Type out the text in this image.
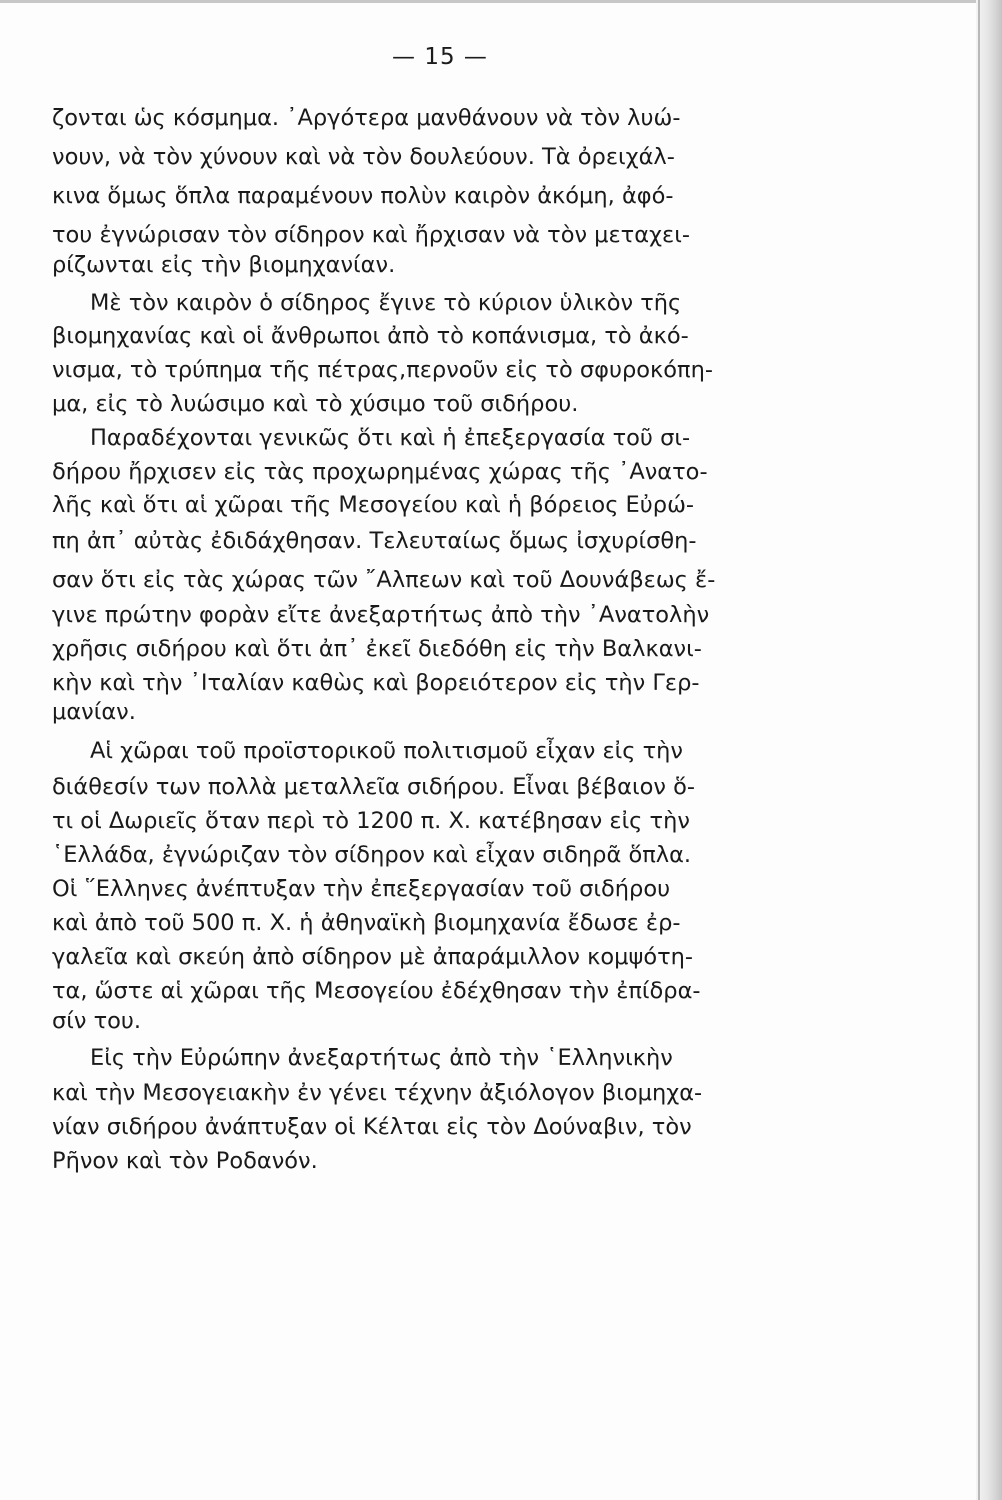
— 15 —
ζονται ὡς κόσμημα. ᾿Αργότερα μανθάνουν νὰ τὸν λυώ-
νουν, νὰ τὸν χύνουν καὶ νὰ τὸν δουλεύουν. Τὰ ὀρειχάλ-
κινα ὅμως ὅπλα παραμένουν πολὺν καιρὸν ἀκόμη, ἀφό-
του ἐγνώρισαν τὸν σίδηρον καὶ ἤρχισαν νὰ τὸν μεταχει-
ρίζωνται εἰς τὴν βιομηχανίαν.
Μὲ τὸν καιρὸν ὁ σίδηρος ἔγινε τὸ κύριον ὑλικὸν τῆς
βιομηχανίας καὶ οἱ ἄνθρωποι ἀπὸ τὸ κοπάνισμα, τὸ ἀκό-
νισμα, τὸ τρύπημα τῆς πέτρας,περνοῦν εἰς τὸ σφυροκόπη-
μα, εἰς τὸ λυώσιμο καὶ τὸ χύσιμο τοῦ σιδήρου.
Παραδέχονται γενικῶς ὅτι καὶ ἡ ἐπεξεργασία τοῦ σι-
δήρου ἤρχισεν εἰς τὰς προχωρημένας χώρας τῆς ᾿Ανατο-
λῆς καὶ ὅτι αἱ χῶραι τῆς Μεσογείου καὶ ἡ βόρειος Εὐρώ-
πη ἀπ᾿ αὐτὰς ἐδιδάχθησαν. Τελευταίως ὅμως ἰσχυρίσθη-
σαν ὅτι εἰς τὰς χώρας τῶν ῎Αλπεων καὶ τοῦ Δουνάβεως ἔ-
γινε πρώτην φορὰν εἴτε ἀνεξαρτήτως ἀπὸ τὴν ᾿Ανατολὴν
χρῆσις σιδήρου καὶ ὅτι ἀπ᾿ ἐκεῖ διεδόθη εἰς τὴν Βαλκανι-
κὴν καὶ τὴν ᾿Ιταλίαν καθὼς καὶ βορειότερον εἰς τὴν Γερ-
μανίαν.
Αἱ χῶραι τοῦ προϊστορικοῦ πολιτισμοῦ εἶχαν εἰς τὴν
διάθεσίν των πολλὰ μεταλλεῖα σιδήρου. Εἶναι βέβαιον ὅ-
τι οἱ Δωριεῖς ὅταν περὶ τὸ 1200 π. Χ. κατέβησαν εἰς τὴν
῾Ελλάδα, ἐγνώριζαν τὸν σίδηρον καὶ εἶχαν σιδηρᾶ ὅπλα.
Οἱ ῞Ελληνες ἀνέπτυξαν τὴν ἐπεξεργασίαν τοῦ σιδήρου
καὶ ἀπὸ τοῦ 500 π. Χ. ἡ ἀθηναϊκὴ βιομηχανία ἔδωσε ἐρ-
γαλεῖα καὶ σκεύη ἀπὸ σίδηρον μὲ ἀπαράμιλλον κομψότη-
τα, ὥστε αἱ χῶραι τῆς Μεσογείου ἐδέχθησαν τὴν ἐπίδρα-
σίν του.
Εἰς τὴν Εὐρώπην ἀνεξαρτήτως ἀπὸ τὴν ῾Ελληνικὴν
καὶ τὴν Μεσογειακὴν ἐν γένει τέχνην ἀξιόλογον βιομηχα-
νίαν σιδήρου ἀνάπτυξαν οἱ Κέλται εἰς τὸν Δούναβιν, τὸν
Ρῆνον καὶ τὸν Ροδανόν.
